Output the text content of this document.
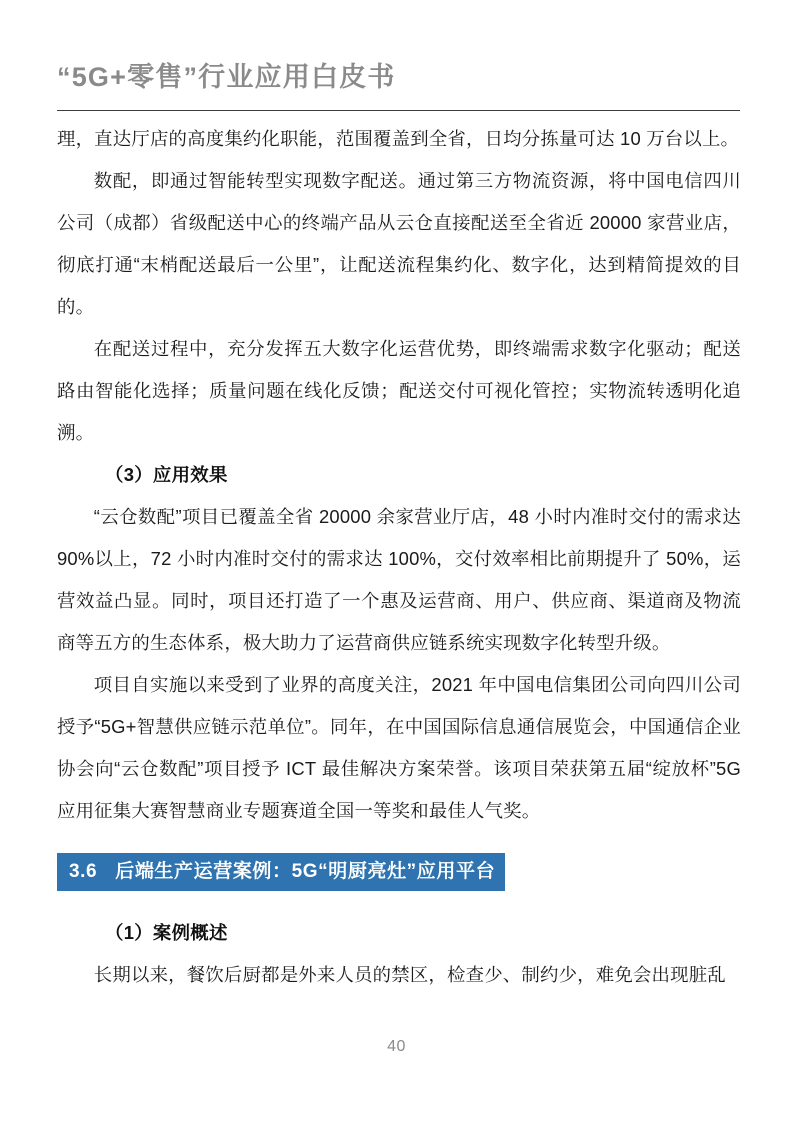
“5G+零售”行业应用白皮书

理，直达厅店的高度集约化职能，范围覆盖到全省，日均分拣量可达 10 万台以上。

数配，即通过智能转型实现数字配送。通过第三方物流资源，将中国电信四川公司（成都）省级配送中心的终端产品从云仓直接配送至全省近 20000 家营业店，彻底打通“末梢配送最后一公里”，让配送流程集约化、数字化，达到精简提效的目的。

在配送过程中，充分发挥五大数字化运营优势，即终端需求数字化驱动；配送路由智能化选择；质量问题在线化反馈；配送交付可视化管控；实物流转透明化追溯。

（3）应用效果

“云仓数配”项目已覆盖全省 20000 余家营业厅店，48 小时内准时交付的需求达 90%以上，72 小时内准时交付的需求达 100%，交付效率相比前期提升了 50%，运营效益凸显。同时，项目还打造了一个惠及运营商、用户、供应商、渠道商及物流商等五方的生态体系，极大助力了运营商供应链系统实现数字化转型升级。

项目自实施以来受到了业界的高度关注，2021 年中国电信集团公司向四川公司授予“5G+智慧供应链示范单位”。同年，在中国国际信息通信展览会，中国通信企业协会向“云仓数配”项目授予 ICT 最佳解决方案荣誉。该项目荣获第五届“绽放杯”5G 应用征集大赛智慧商业专题赛道全国一等奖和最佳人气奖。

3.6 后端生产运营案例：5G“明厨亮灶”应用平台
（1）案例概述

长期以来，餐饮后厨都是外来人员的禁区，检查少、制约少，难免会出现脏乱

40
